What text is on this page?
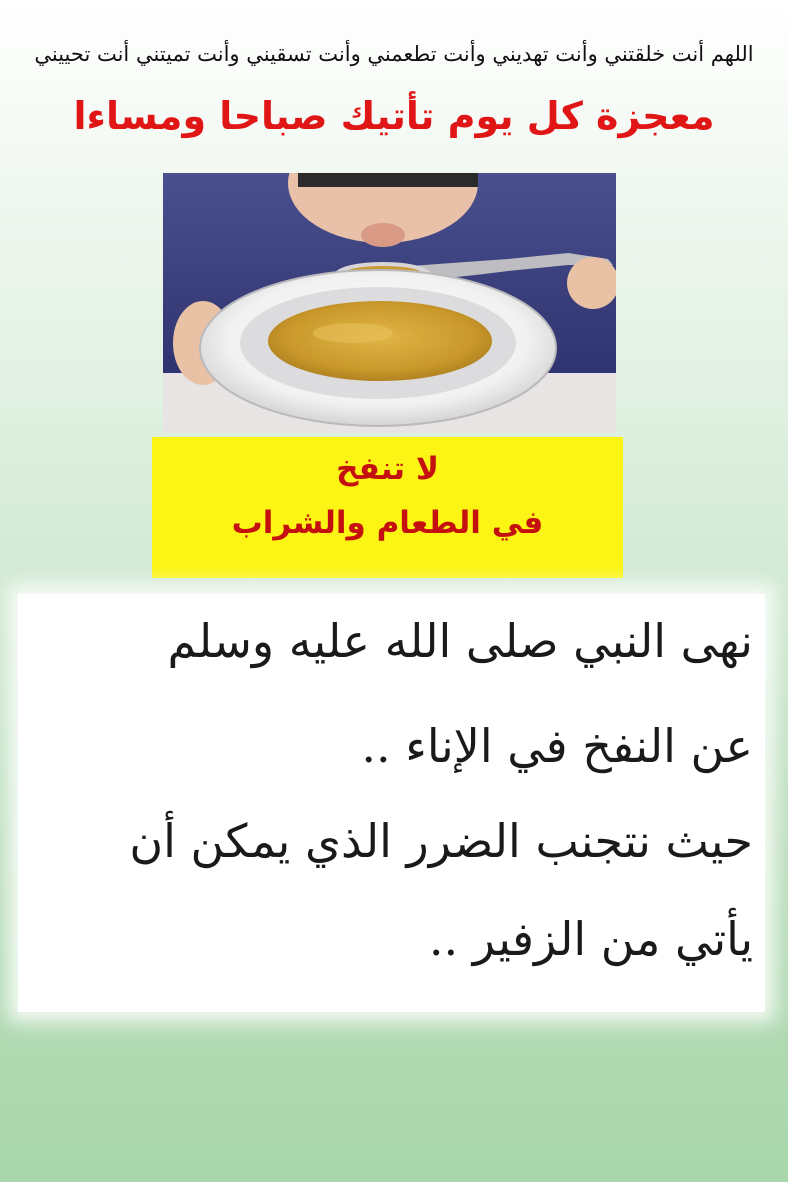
اللهم أنت خلقتني وأنت تهديني وأنت تطعمني وأنت تسقيني وأنت تميتني أنت تحييني
معجزة كل يوم تأتيك صباحا ومساءا
لا تنفخ
في الطعام والشراب
نهى النبي صلى الله عليه وسلم
عن النفخ في الإناء ..
حيث نتجنب الضرر الذي يمكن أن
يأتي من الزفير ..
